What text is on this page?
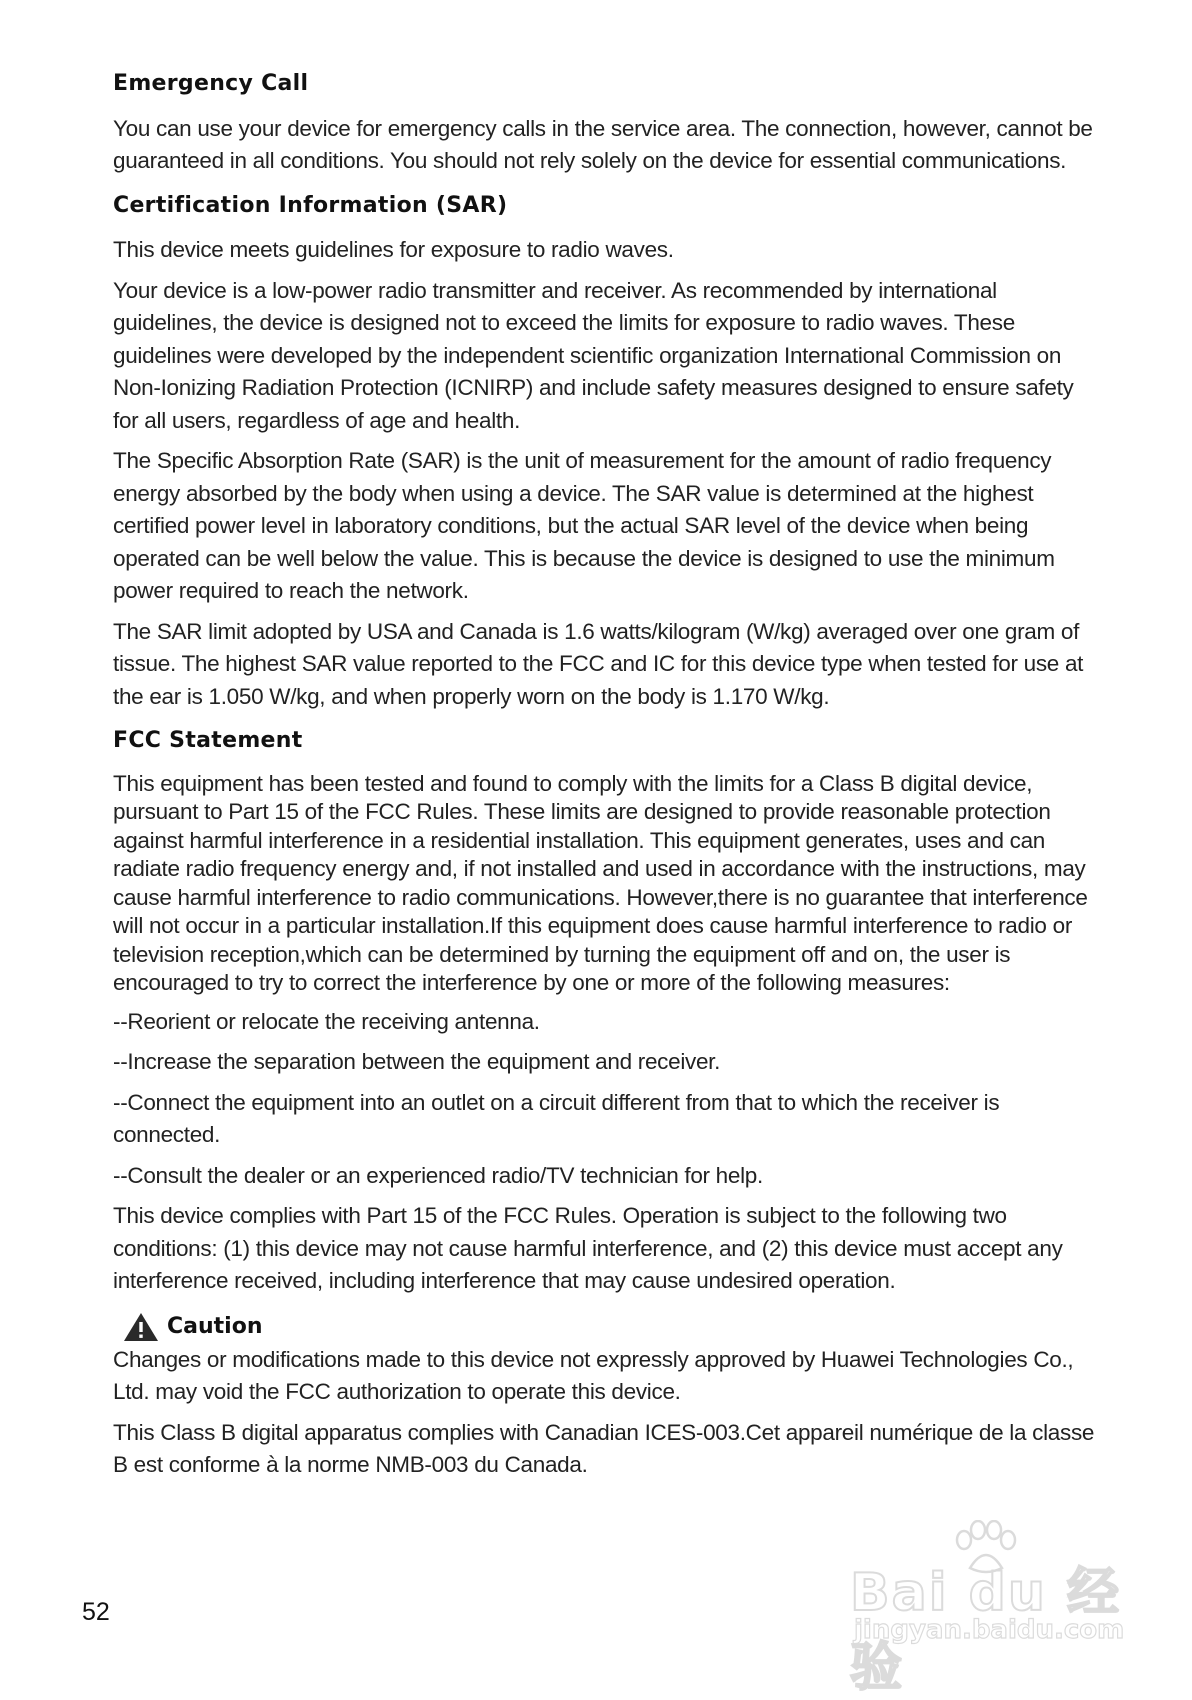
Emergency Call

You can use your device for emergency calls in the service area. The connection, however, cannot be guaranteed in all conditions. You should not rely solely on the device for essential communications.

Certification Information (SAR)

This device meets guidelines for exposure to radio waves.

Your device is a low-power radio transmitter and receiver. As recommended by international guidelines, the device is designed not to exceed the limits for exposure to radio waves. These guidelines were developed by the independent scientific organization International Commission on Non-Ionizing Radiation Protection (ICNIRP) and include safety measures designed to ensure safety for all users, regardless of age and health.

The Specific Absorption Rate (SAR) is the unit of measurement for the amount of radio frequency energy absorbed by the body when using a device. The SAR value is determined at the highest certified power level in laboratory conditions, but the actual SAR level of the device when being operated can be well below the value. This is because the device is designed to use the minimum power required to reach the network.

The SAR limit adopted by USA and Canada is 1.6 watts/kilogram (W/kg) averaged over one gram of tissue. The highest SAR value reported to the FCC and IC for this device type when tested for use at the ear is 1.050 W/kg, and when properly worn on the body is 1.170 W/kg.

FCC Statement

This equipment has been tested and found to comply with the limits for a Class B digital device, pursuant to Part 15 of the FCC Rules. These limits are designed to provide reasonable protection against harmful interference in a residential installation. This equipment generates, uses and can radiate radio frequency energy and, if not installed and used in accordance with the instructions, may cause harmful interference to radio communications. However,there is no guarantee that interference will not occur in a particular installation.If this equipment does cause harmful interference to radio or television reception,which can be determined by turning the equipment off and on, the user is encouraged to try to correct the interference by one or more of the following measures:

--Reorient or relocate the receiving antenna.

--Increase the separation between the equipment and receiver.

--Connect the equipment into an outlet on a circuit different from that to which the receiver is connected.

--Consult the dealer or an experienced radio/TV technician for help.

This device complies with Part 15 of the FCC Rules. Operation is subject to the following two conditions: (1) this device may not cause harmful interference, and (2) this device must accept any interference received, including interference that may cause undesired operation.

Caution

Changes or modifications made to this device not expressly approved by Huawei Technologies Co., Ltd. may void the FCC authorization to operate this device.

This Class B digital apparatus complies with Canadian ICES-003.Cet appareil numérique de la classe B est conforme à la norme NMB-003 du Canada.

52	Bai du 经验
jingyan.baidu.com
